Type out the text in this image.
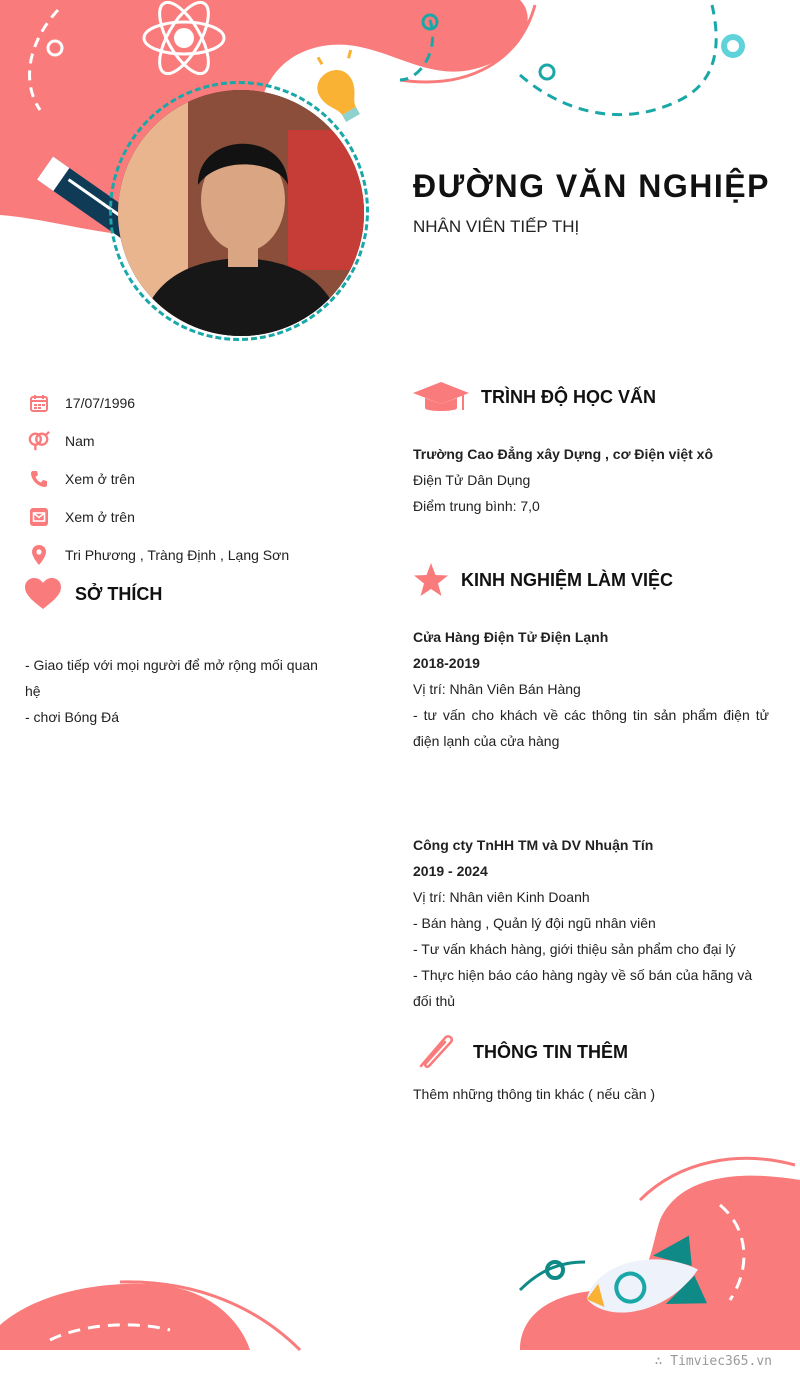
ĐƯỜNG VĂN NGHIỆP
NHÂN VIÊN TIẾP THỊ
17/07/1996
Nam
Xem ở trên
Xem ở trên
Tri Phương , Tràng Định , Lạng Sơn
SỞ THÍCH
- Giao tiếp với mọi người để mở rộng mối quan hệ
- chơi Bóng Đá
TRÌNH ĐỘ HỌC VẤN
Trường Cao Đẳng xây Dựng , cơ Điện việt xô
Điện Tử Dân Dụng
Điểm trung bình: 7,0
KINH NGHIỆM LÀM VIỆC
Cửa Hàng Điện Tử Điện Lạnh
2018-2019
Vị trí: Nhân Viên Bán Hàng
- tư vấn cho khách về các thông tin sản phẩm điện tử điện lạnh của cửa hàng
Công cty TnHH TM và DV Nhuận Tín
2019 - 2024
Vị trí: Nhân viên Kinh Doanh
- Bán hàng , Quản lý đội ngũ nhân viên
- Tư vấn khách hàng, giới thiệu sản phẩm cho đại lý
- Thực hiện báo cáo hàng ngày về số bán của hãng và đối thủ
THÔNG TIN THÊM
Thêm những thông tin khác ( nếu cần )
∴ Timviec365.vn
